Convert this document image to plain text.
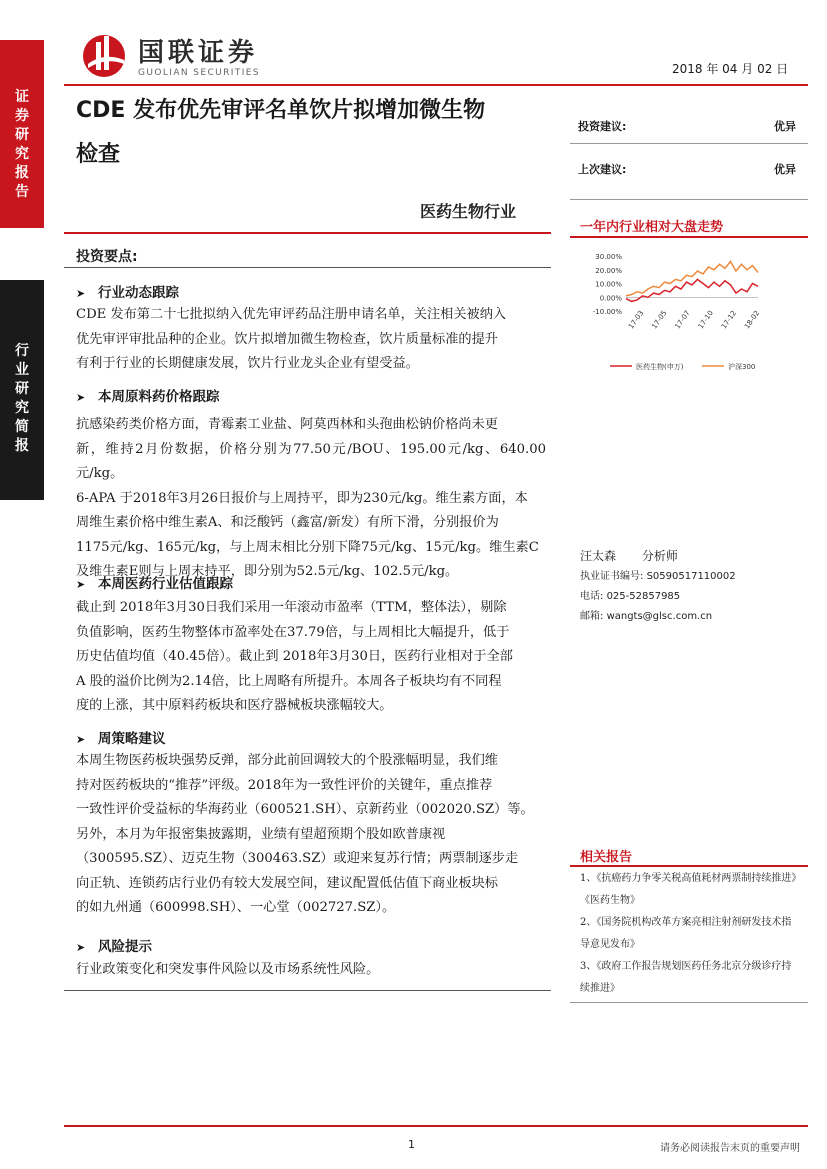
证
券
研
究
报
告
行
业
研
究
简
报
国联证券
GUOLIAN SECURITIES	2018 年 04 月 02 日
CDE 发布优先审评名单饮片拟增加微生物
检查
医药生物行业
投资建议:	优异
上次建议:	优异
一年内行业相对大盘走势
30.00%
20.00%
10.00%
0.00%
-10.00% 17-03 17-05 17-07 17-10 17-12 18-02
医药生物(申万)	沪深300
投资要点:
➤ 行业动态跟踪
CDE 发布第二十七批拟纳入优先审评药品注册申请名单，关注相关被纳入
优先审评审批品种的企业。饮片拟增加微生物检查，饮片质量标准的提升
有利于行业的长期健康发展，饮片行业龙头企业有望受益。
➤ 本周原料药价格跟踪
抗感染药类价格方面，青霉素工业盐、阿莫西林和头孢曲松钠价格尚未更
新，维持2月份数据，价格分别为77.50元/BOU、195.00元/kg、640.00元/kg。
6-APA 于2018年3月26日报价与上周持平，即为230元/kg。维生素方面，本
周维生素价格中维生素A、和泛酸钙（鑫富/新发）有所下滑，分别报价为
1175元/kg、165元/kg，与上周末相比分别下降75元/kg、15元/kg。维生素C
及维生素E则与上周末持平，即分别为52.5元/kg、102.5元/kg。
➤ 本周医药行业估值跟踪
截止到 2018年3月30日我们采用一年滚动市盈率（TTM，整体法），剔除
负值影响，医药生物整体市盈率处在37.79倍，与上周相比大幅提升，低于
历史估值均值（40.45倍）。截止到 2018年3月30日，医药行业相对于全部
A 股的溢价比例为2.14倍，比上周略有所提升。本周各子板块均有不同程
度的上涨，其中原料药板块和医疗器械板块涨幅较大。
➤ 周策略建议
本周生物医药板块强势反弹，部分此前回调较大的个股涨幅明显，我们维
持对医药板块的“推荐”评级。2018年为一致性评价的关键年，重点推荐
一致性评价受益标的华海药业（600521.SH）、京新药业（002020.SZ）等。
另外，本月为年报密集披露期，业绩有望超预期个股如欧普康视
（300595.SZ）、迈克生物（300463.SZ）或迎来复苏行情；两票制逐步走
向正轨、连锁药店行业仍有较大发展空间，建议配置低估值下商业板块标
的如九州通（600998.SH）、一心堂（002727.SZ）。
➤ 风险提示
行业政策变化和突发事件风险以及市场系统性风险。
汪太森 分析师
执业证书编号: S0590517110002
电话: 025-52857985
邮箱: wangts@glsc.com.cn
相关报告
1、《抗癌药力争零关税高值耗材两票制持续推进》
《医药生物》
2、《国务院机构改革方案亮相注射剂研发技术指
导意见发布》
3、《政府工作报告规划医药任务北京分级诊疗持
续推进》
1	请务必阅读报告末页的重要声明
